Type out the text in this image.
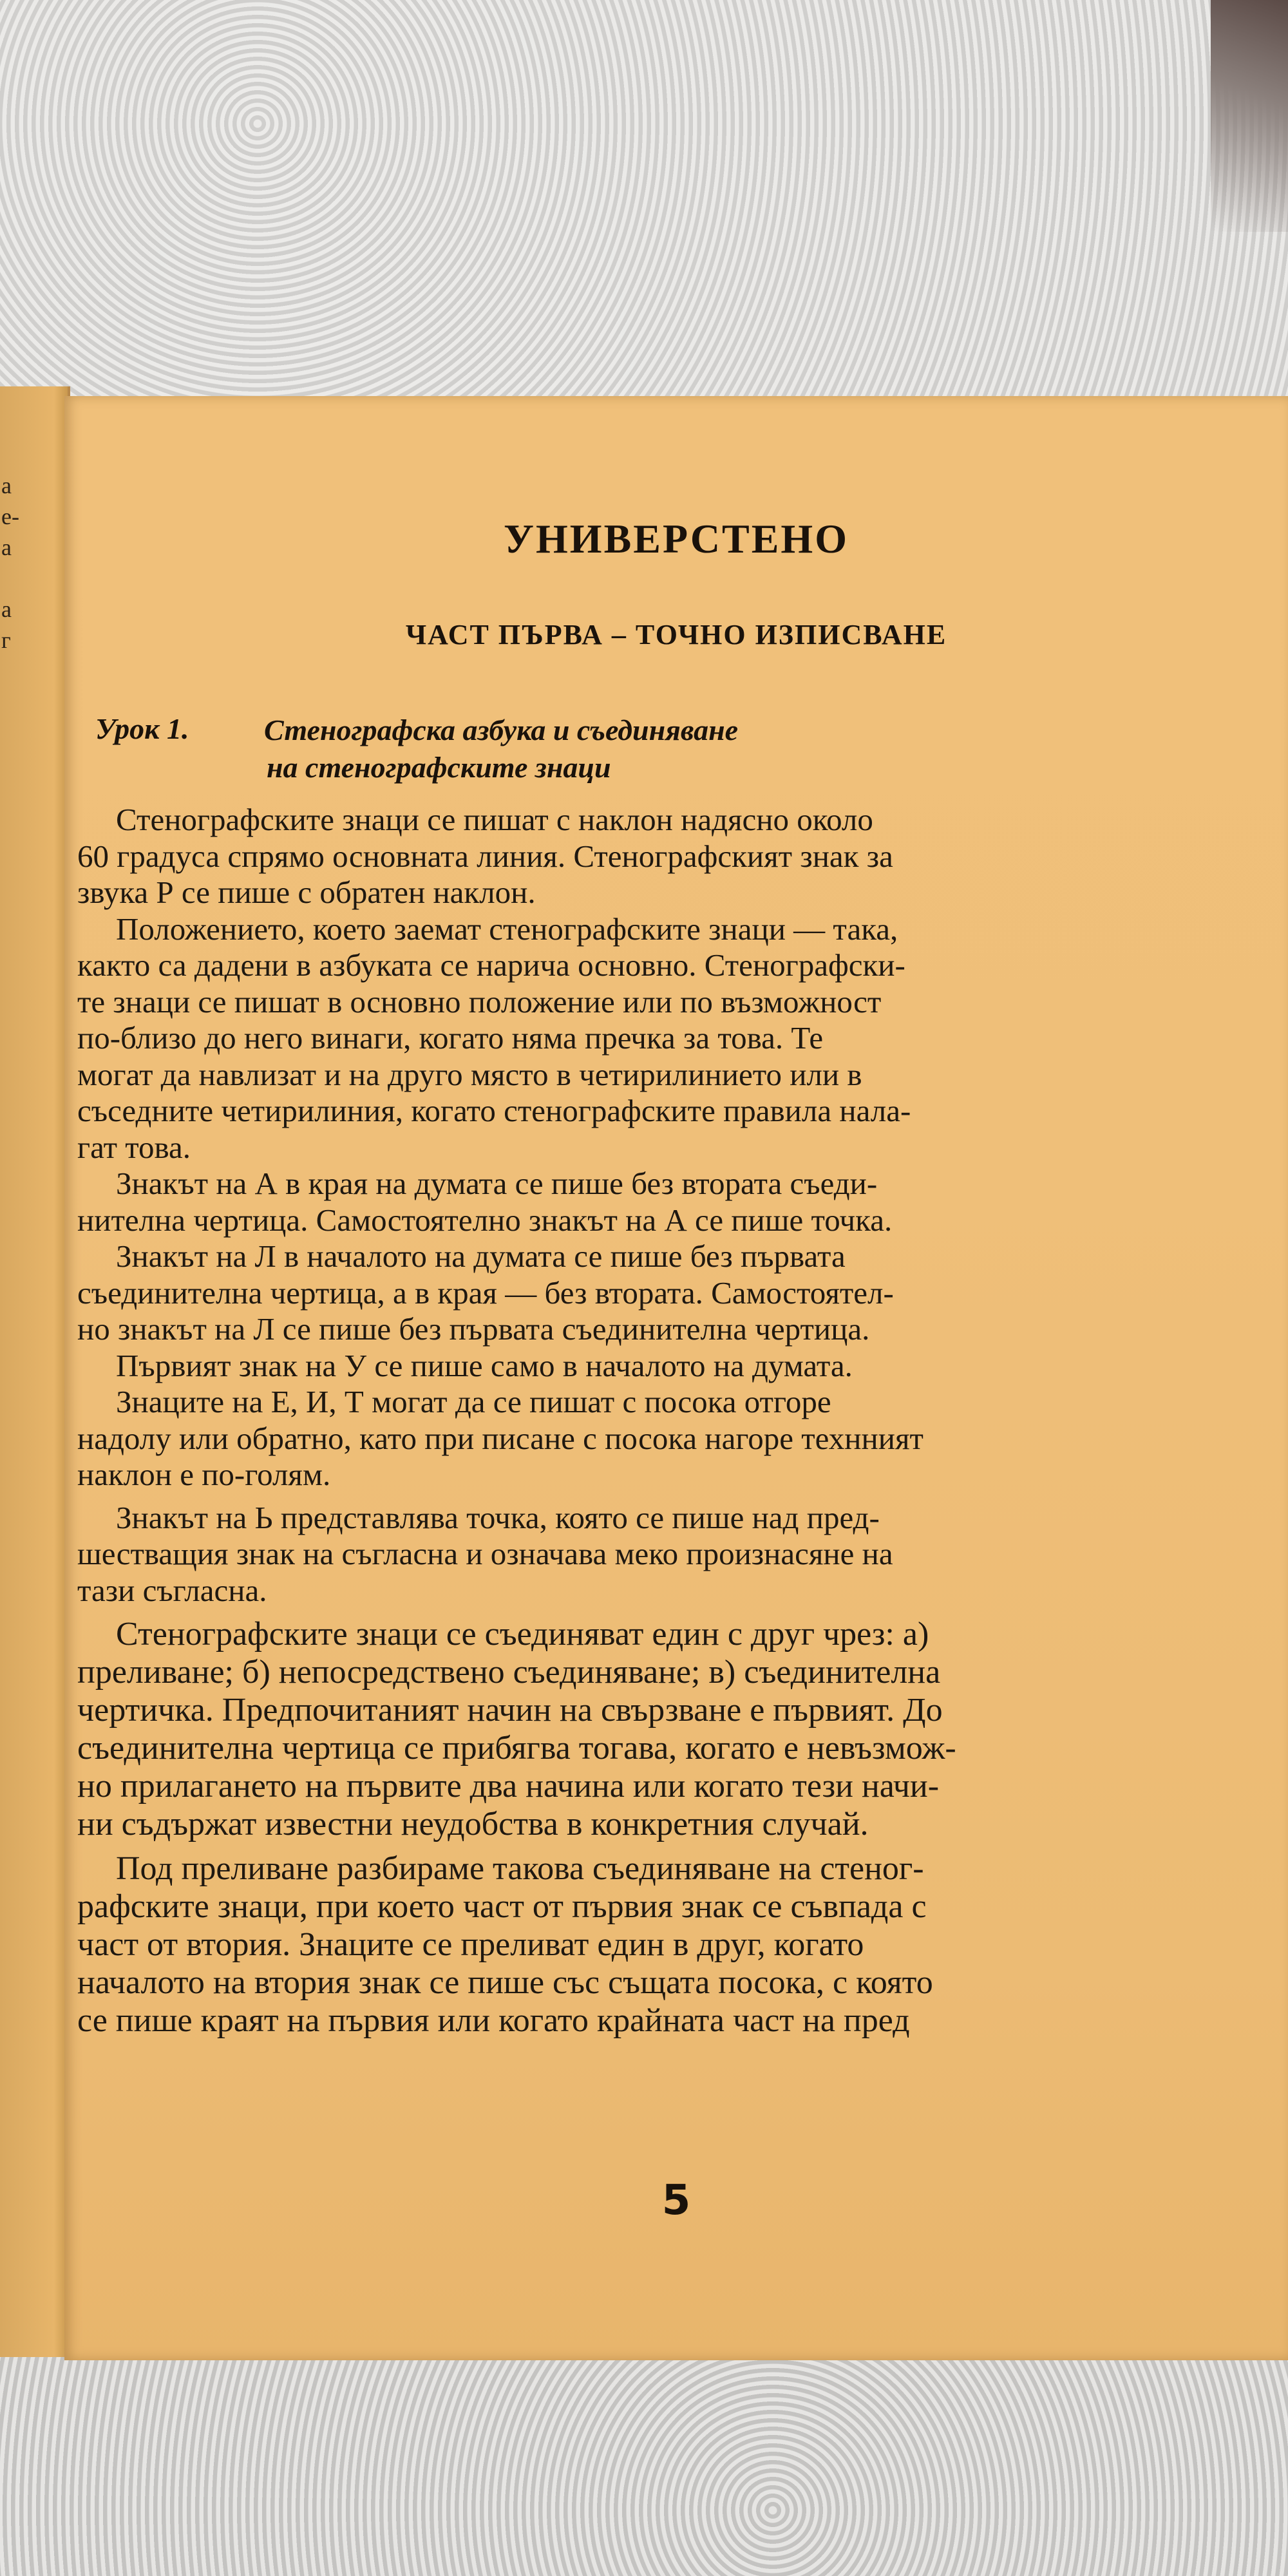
а
е-
а

а
г
УНИВЕРСТЕНО
ЧАСТ ПЪРВА – ТОЧНО ИЗПИСВАНЕ
Урок 1.	Стенографска азбука и съединяване
на стенографските знаци
Стенографските знаци се пишат с наклон надясно около
60 градуса спрямо основната линия. Стенографският знак за
звука Р се пише с обратен наклон.
Положението, което заемат стенографските знаци — така,
както са дадени в азбуката се нарича основно. Стенографски-
те знаци се пишат в основно положение или по възможност
по-близо до него винаги, когато няма пречка за това. Те
могат да навлизат и на друго място в четирилинието или в
съседните четирилиния, когато стенографските правила нала-
гат това.
Знакът на А в края на думата се пише без втората съеди-
нителна чертица. Самостоятелно знакът на А се пише точка.
Знакът на Л в началото на думата се пише без първата
съединителна чертица, а в края — без втората. Самостоятел-
но знакът на Л се пише без първата съединителна чертица.
Първият знак на У се пише само в началото на думата.
Знаците на Е, И, Т могат да се пишат с посока отгоре
надолу или обратно, като при писане с посока нагоре технният
наклон е по-голям.
Знакът на Ь представлява точка, която се пише над пред-
шестващия знак на съгласна и означава меко произнасяне на
тази съгласна.
Стенографските знаци се съединяват един с друг чрез: а)
преливане; б) непосредствено съединяване; в) съединителна
чертичка. Предпочитаният начин на свързване е първият. До
съединителна чертица се прибягва тогава, когато е невъзмож-
но прилагането на първите два начина или когато тези начи-
ни съдържат известни неудобства в конкретния случай.
Под преливане разбираме такова съединяване на стеног-
рафските знаци, при което част от първия знак се съвпада с
част от втория. Знаците се преливат един в друг, когато
началото на втория знак се пише със същата посока, с която
се пише краят на първия или когато крайната част на пред
5
